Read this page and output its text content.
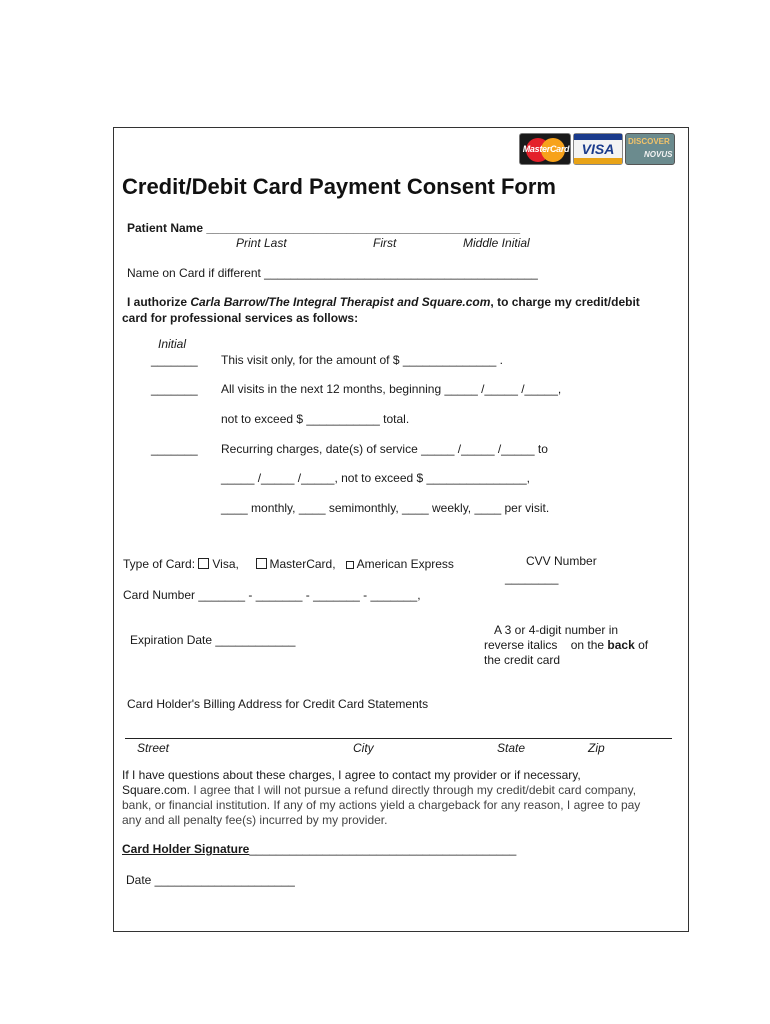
MasterCard VISA	DISCOVER
NOVUS
Credit/Debit Card Payment Consent Form
Patient Name _______________________________________________
Print Last	First	Middle Initial
Name on Card if different _________________________________________
I authorize Carla Barrow/The Integral Therapist and Square.com, to charge my credit/debit
card for professional services as follows:
Initial
_______ This visit only, for the amount of $ ______________ .
_______ All visits in the next 12 months, beginning _____ /_____ /_____,
not to exceed $ ___________ total.
_______ Recurring charges, date(s) of service _____ /_____ /_____ to
_____ /_____ /_____, not to exceed $ _______________,
____ monthly, ____ semimonthly, ____ weekly, ____ per visit.
Type of Card: Visa,	MasterCard, American Express	CVV Number
________
Card Number _______ - _______ - _______ - _______,
Expiration Date ____________
A 3 or 4-digit number in
reverse italics on the back of
the credit card
Card Holder's Billing Address for Credit Card Statements
Street	City	State	Zip
If I have questions about these charges, I agree to contact my provider or if necessary,
Square.com. I agree that I will not pursue a refund directly through my credit/debit card company,
bank, or financial institution. If any of my actions yield a chargeback for any reason, I agree to pay
any and all penalty fee(s) incurred by my provider.
Card Holder Signature________________________________________
Date _____________________
